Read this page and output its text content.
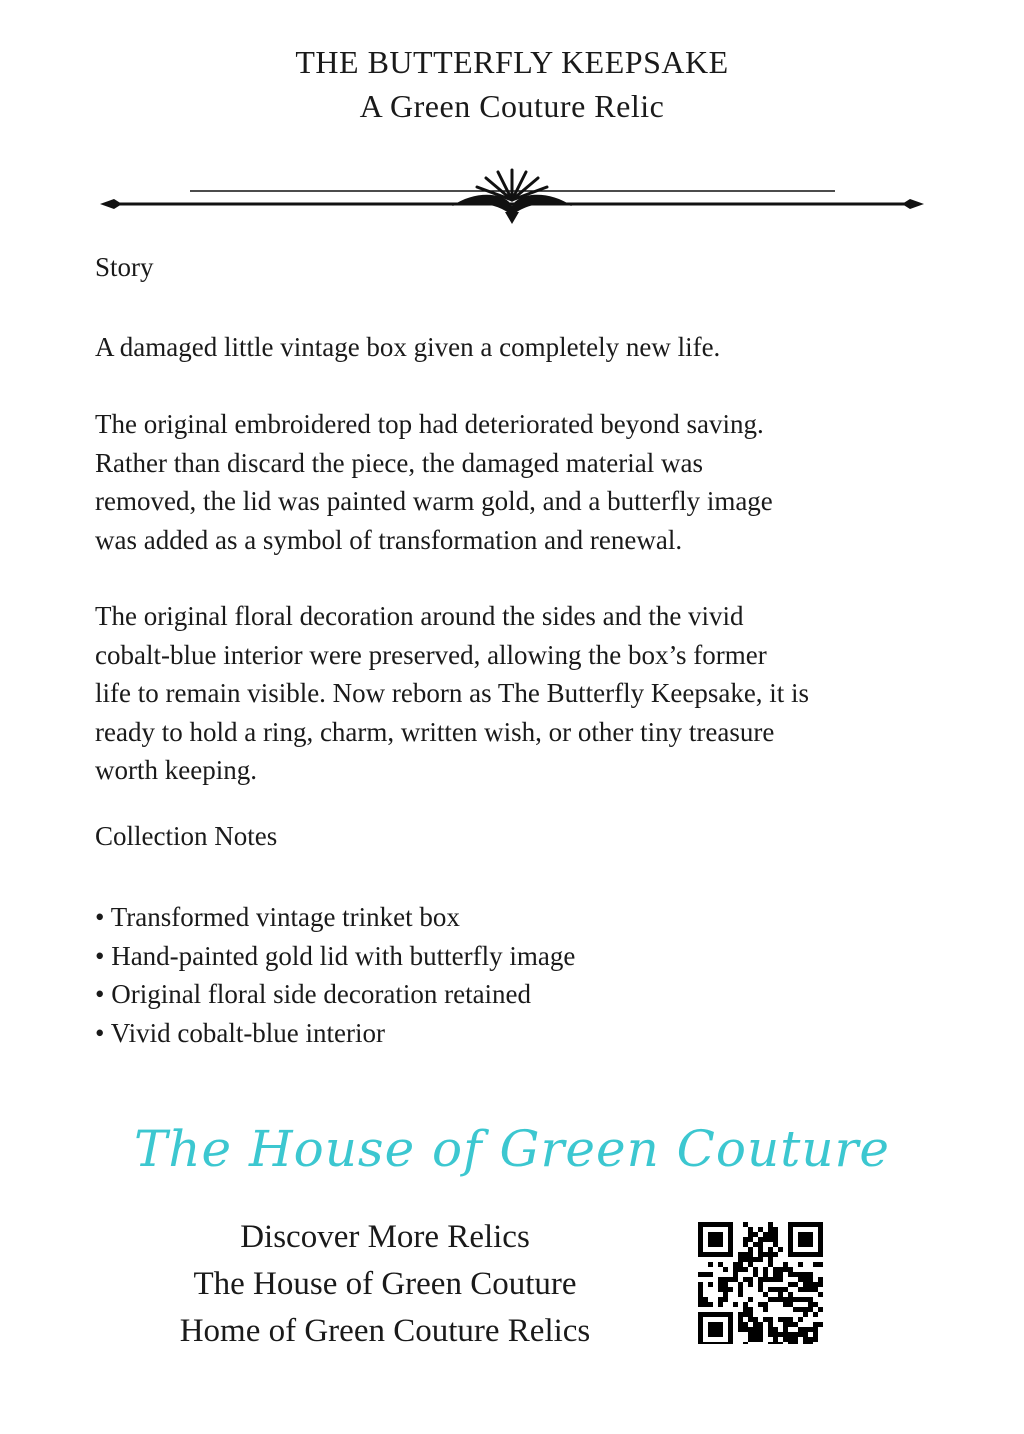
THE BUTTERFLY KEEPSAKE
A Green Couture Relic
Story
A damaged little vintage box given a completely new life.
The original embroidered top had deteriorated beyond saving.
Rather than discard the piece, the damaged material was
removed, the lid was painted warm gold, and a butterfly image
was added as a symbol of transformation and renewal.
The original floral decoration around the sides and the vivid
cobalt-blue interior were preserved, allowing the box’s former
life to remain visible. Now reborn as The Butterfly Keepsake, it is
ready to hold a ring, charm, written wish, or other tiny treasure
worth keeping.
Collection Notes
• Transformed vintage trinket box
• Hand-painted gold lid with butterfly image
• Original floral side decoration retained
• Vivid cobalt-blue interior
The House of Green Couture
Discover More Relics
The House of Green Couture
Home of Green Couture Relics
